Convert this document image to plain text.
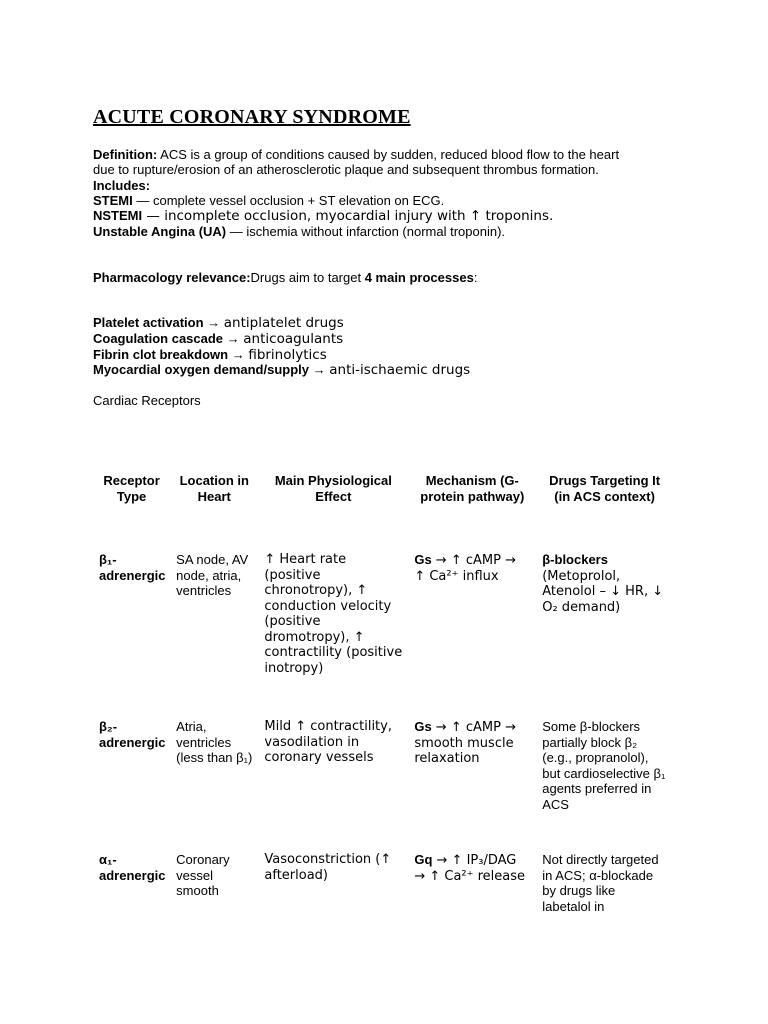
ACUTE CORONARY SYNDROME
Definition: ACS is a group of conditions caused by sudden, reduced blood flow to the heart
due to rupture/erosion of an atherosclerotic plaque and subsequent thrombus formation.
Includes:
STEMI — complete vessel occlusion + ST elevation on ECG.
NSTEMI — incomplete occlusion, myocardial injury with ↑ troponins.
Unstable Angina (UA) — ischemia without infarction (normal troponin).
Pharmacology relevance:Drugs aim to target 4 main processes:
Platelet activation → antiplatelet drugs
Coagulation cascade → anticoagulants
Fibrin clot breakdown → fibrinolytics
Myocardial oxygen demand/supply → anti-ischaemic drugs
Cardiac Receptors
Receptor Type	Location in Heart	Main Physiological Effect	Mechanism (G-protein pathway)	Drugs Targeting It (in ACS context)
β₁-adrenergic	SA node, AV node, atria, ventricles	↑ Heart rate (positive chronotropy), ↑ conduction velocity (positive dromotropy), ↑ contractility (positive inotropy)	Gs → ↑ cAMP → ↑ Ca²⁺ influx	β-blockers (Metoprolol, Atenolol – ↓ HR, ↓ O₂ demand)
β₂-adrenergic	Atria, ventricles (less than β₁)	Mild ↑ contractility, vasodilation in coronary vessels	Gs → ↑ cAMP → smooth muscle relaxation	Some β-blockers partially block β₂ (e.g., propranolol), but cardioselective β₁ agents preferred in ACS
α₁-adrenergic	Coronary vessel smooth	Vasoconstriction (↑ afterload)	Gq → ↑ IP₃/DAG → ↑ Ca²⁺ release	Not directly targeted in ACS; α-blockade by drugs like labetalol in
